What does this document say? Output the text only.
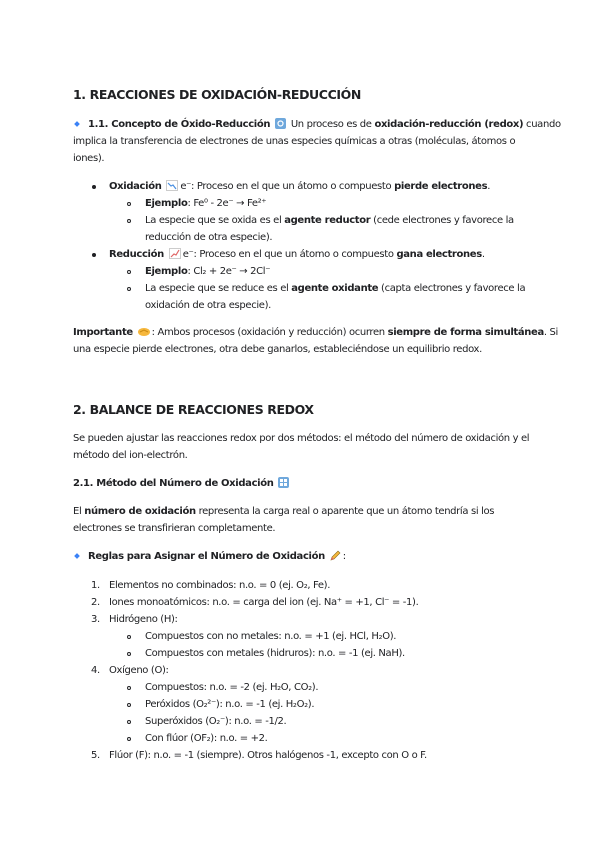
1. REACCIONES DE OXIDACIÓN-REDUCCIÓN
1.1. Concepto de Óxido-Reducción  Un proceso es de oxidación-reducción (redox) cuando
implica la transferencia de electrones de unas especies químicas a otras (moléculas, átomos o
iones).
Oxidación e⁻: Proceso en el que un átomo o compuesto pierde electrones.
Ejemplo: Fe⁰ - 2e⁻ → Fe²⁺
La especie que se oxida es el agente reductor (cede electrones y favorece la
reducción de otra especie).
Reducción e⁻: Proceso en el que un átomo o compuesto gana electrones.
Ejemplo: Cl₂ + 2e⁻ → 2Cl⁻
La especie que se reduce es el agente oxidante (capta electrones y favorece la
oxidación de otra especie).
Importante : Ambos procesos (oxidación y reducción) ocurren siempre de forma simultánea. Si
una especie pierde electrones, otra debe ganarlos, estableciéndose un equilibrio redox.
2. BALANCE DE REACCIONES REDOX
Se pueden ajustar las reacciones redox por dos métodos: el método del número de oxidación y el
método del ion-electrón.
2.1. Método del Número de Oxidación
El número de oxidación representa la carga real o aparente que un átomo tendría si los
electrones se transfirieran completamente.
Reglas para Asignar el Número de Oxidación :
1. Elementos no combinados: n.o. = 0 (ej. O₂, Fe).
2. Iones monoatómicos: n.o. = carga del ion (ej. Na⁺ = +1, Cl⁻ = -1).
3. Hidrógeno (H):
Compuestos con no metales: n.o. = +1 (ej. HCl, H₂O).
Compuestos con metales (hidruros): n.o. = -1 (ej. NaH).
4. Oxígeno (O):
Compuestos: n.o. = -2 (ej. H₂O, CO₂).
Peróxidos (O₂²⁻): n.o. = -1 (ej. H₂O₂).
Superóxidos (O₂⁻): n.o. = -1/2.
Con flúor (OF₂): n.o. = +2.
5. Flúor (F): n.o. = -1 (siempre). Otros halógenos -1, excepto con O o F.
